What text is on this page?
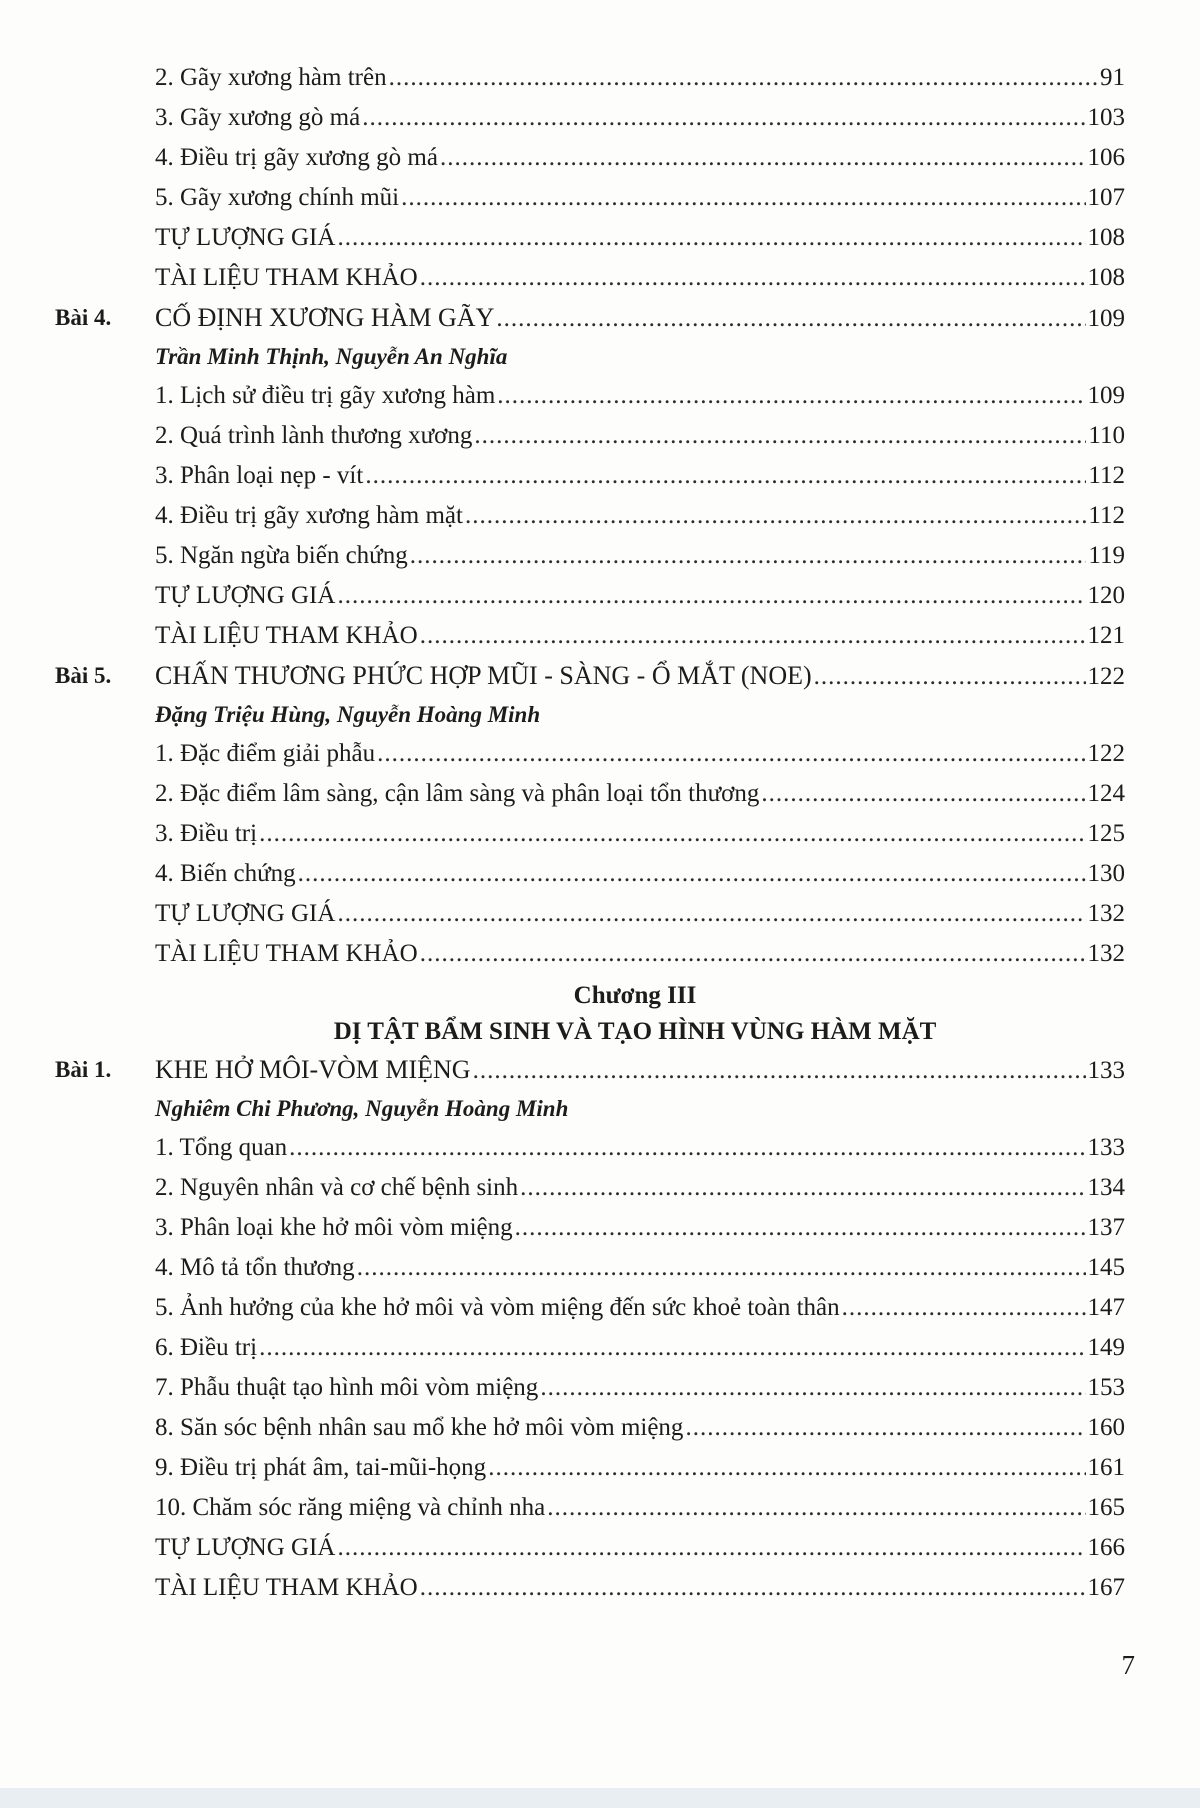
2. Gãy xương hàm trên .....	91
3. Gãy xương gò má .....	103
4. Điều trị gãy xương gò má .....	106
5. Gãy xương chính mũi .....	107
TỰ LƯỢNG GIÁ .....	108
TÀI LIỆU THAM KHẢO .....	108
Bài 4. CỐ ĐỊNH XƯƠNG HÀM GÃY .....	109
Trần Minh Thịnh, Nguyễn An Nghĩa
1. Lịch sử điều trị gãy xương hàm .....	109
2. Quá trình lành thương xương .....	110
3. Phân loại nẹp - vít .....	112
4. Điều trị gãy xương hàm mặt .....	112
5. Ngăn ngừa biến chứng .....	119
TỰ LƯỢNG GIÁ .....	120
TÀI LIỆU THAM KHẢO .....	121
Bài 5. CHẤN THƯƠNG PHỨC HỢP MŨI - SÀNG - Ổ MẮT (NOE) .....	122
Đặng Triệu Hùng, Nguyễn Hoàng Minh
1. Đặc điểm giải phẫu .....	122
2. Đặc điểm lâm sàng, cận lâm sàng và phân loại tổn thương .....	124
3. Điều trị .....	125
4. Biến chứng .....	130
TỰ LƯỢNG GIÁ .....	132
TÀI LIỆU THAM KHẢO .....	132
Chương III
DỊ TẬT BẨM SINH VÀ TẠO HÌNH VÙNG HÀM MẶT
Bài 1. KHE HỞ MÔI-VÒM MIỆNG .....	133
Nghiêm Chi Phương, Nguyễn Hoàng Minh
1. Tổng quan .....	133
2. Nguyên nhân và cơ chế bệnh sinh .....	134
3. Phân loại khe hở môi vòm miệng .....	137
4. Mô tả tổn thương .....	145
5. Ảnh hưởng của khe hở môi và vòm miệng đến sức khoẻ toàn thân .....	147
6. Điều trị .....	149
7. Phẫu thuật tạo hình môi vòm miệng .....	153
8. Săn sóc bệnh nhân sau mổ khe hở môi vòm miệng .....	160
9. Điều trị phát âm, tai-mũi-họng .....	161
10. Chăm sóc răng miệng và chỉnh nha .....	165
TỰ LƯỢNG GIÁ .....	166
TÀI LIỆU THAM KHẢO .....	167
7
